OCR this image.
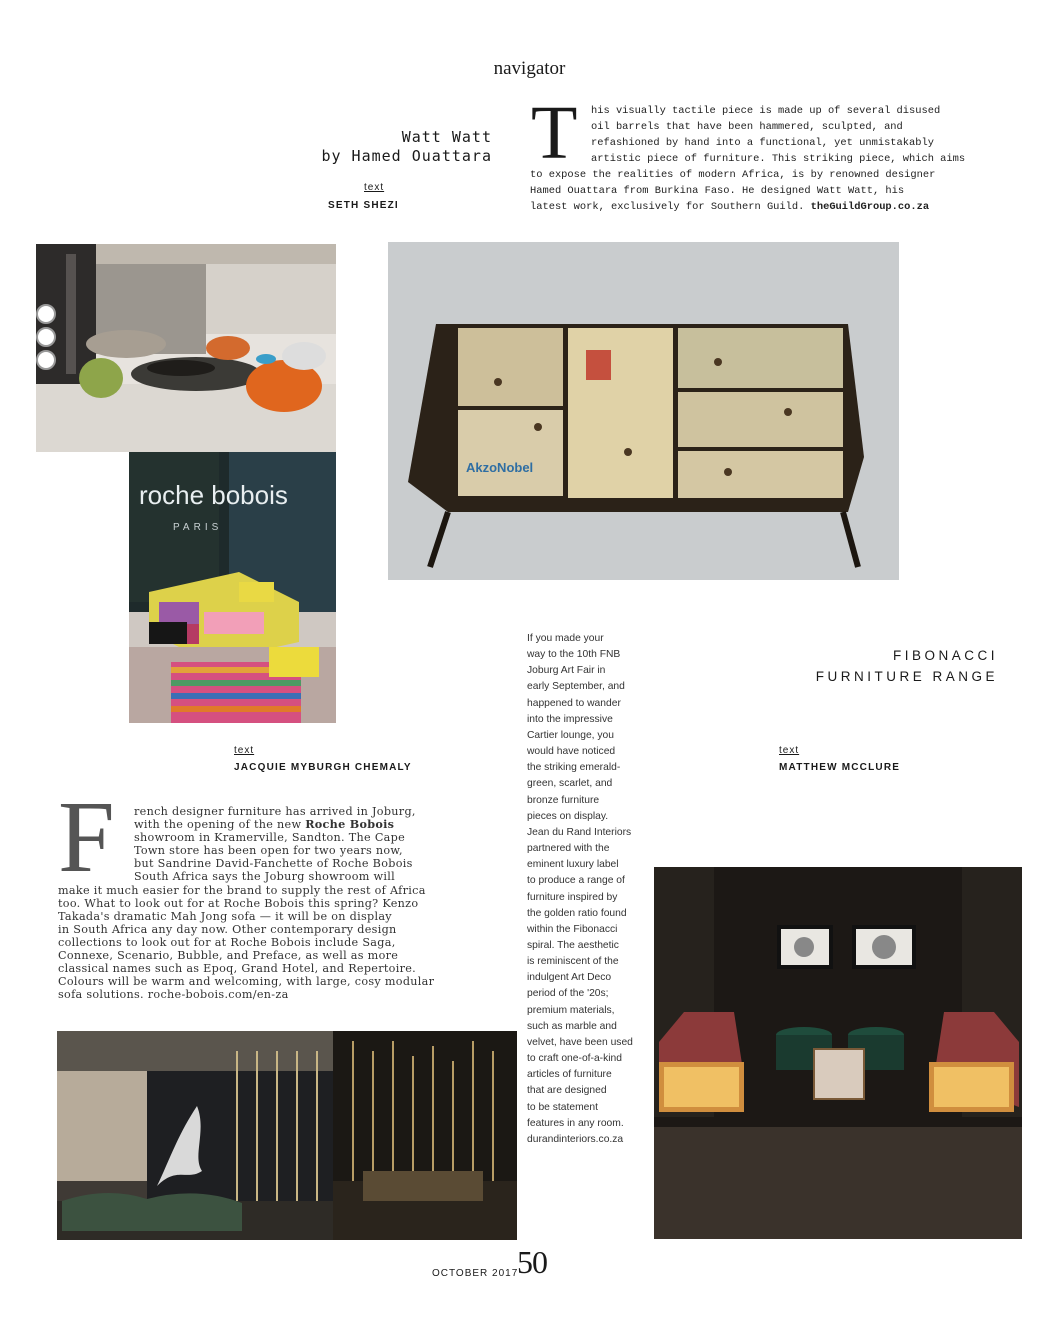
navigator
Watt Watt
by Hamed Ouattara
text
SETH SHEZI
T his visually tactile piece is made up of several disused
oil barrels that have been hammered, sculpted, and
refashioned by hand into a functional, yet unmistakably
artistic piece of furniture. This striking piece, which aims
to expose the realities of modern Africa, is by renowned designer
Hamed Ouattara from Burkina Faso. He designed Watt Watt, his
latest work, exclusively for Southern Guild. theGuildGroup.co.za
roche bobois
PARIS
AkzoNobel
FIBONACCI
FURNITURE RANGE
text
MATTHEW MCCLURE
text
JACQUIE MYBURGH CHEMALY
F rench designer furniture has arrived in Joburg,
with the opening of the new Roche Bobois
showroom in Kramerville, Sandton. The Cape
Town store has been open for two years now,
but Sandrine David-Fanchette of Roche Bobois
South Africa says the Joburg showroom will
make it much easier for the brand to supply the rest of Africa
too. What to look out for at Roche Bobois this spring? Kenzo
Takada's dramatic Mah Jong sofa — it will be on display
in South Africa any day now. Other contemporary design
collections to look out for at Roche Bobois include Saga,
Connexe, Scenario, Bubble, and Preface, as well as more
classical names such as Epoq, Grand Hotel, and Repertoire.
Colours will be warm and welcoming, with large, cosy modular
sofa solutions. roche-bobois.com/en-za
If you made your
way to the 10th FNB
Joburg Art Fair in
early September, and
happened to wander
into the impressive
Cartier lounge, you
would have noticed
the striking emerald-
green, scarlet, and
bronze furniture
pieces on display.
Jean du Rand Interiors
partnered with the
eminent luxury label
to produce a range of
furniture inspired by
the golden ratio found
within the Fibonacci
spiral. The aesthetic
is reminiscent of the
indulgent Art Deco
period of the '20s;
premium materials,
such as marble and
velvet, have been used
to craft one-of-a-kind
articles of furniture
that are designed
to be statement
features in any room.
durandinteriors.co.za
OCTOBER 2017
50
